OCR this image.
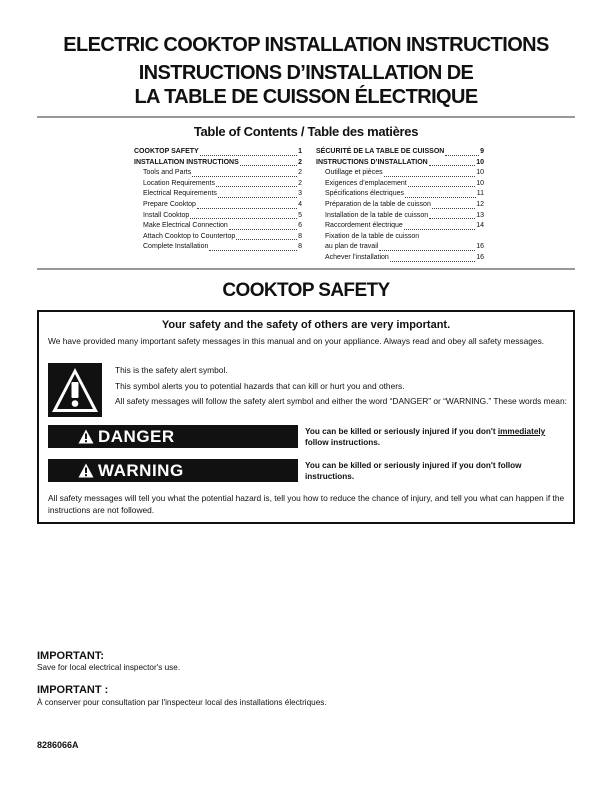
ELECTRIC COOKTOP INSTALLATION INSTRUCTIONS
INSTRUCTIONS D’INSTALLATION DE
LA TABLE DE CUISSON ÉLECTRIQUE
Table of Contents / Table des matières
COOKTOP SAFETY	1
INSTALLATION INSTRUCTIONS	2
Tools and Parts	2
Location Requirements	2
Electrical Requirements	3
Prepare Cooktop	4
Install Cooktop	5
Make Electrical Connection	6
Attach Cooktop to Countertop	8
Complete Installation	8
SÉCURITÉ DE LA TABLE DE CUISSON	9
INSTRUCTIONS D’INSTALLATION	10
Outillage et pièces	10
Exigences d’emplacement	10
Spécifications électriques	11
Préparation de la table de cuisson	12
Installation de la table de cuisson	13
Raccordement électrique	14
Fixation de la table de cuisson
au plan de travail	16
Achever l’installation	16
COOKTOP SAFETY
Your safety and the safety of others are very important.
We have provided many important safety messages in this manual and on your appliance. Always read and obey all safety messages.
This is the safety alert symbol.
This symbol alerts you to potential hazards that can kill or hurt you and others.
All safety messages will follow the safety alert symbol and either the word “DANGER” or “WARNING.” These words mean:
DANGER	You can be killed or seriously injured if you don't immediately follow instructions.
WARNING	You can be killed or seriously injured if you don't follow instructions.
All safety messages will tell you what the potential hazard is, tell you how to reduce the chance of injury, and tell you what can happen if the instructions are not followed.
IMPORTANT:
Save for local electrical inspector's use.
IMPORTANT :
À conserver pour consultation par l'inspecteur local des installations électriques.
8286066A
